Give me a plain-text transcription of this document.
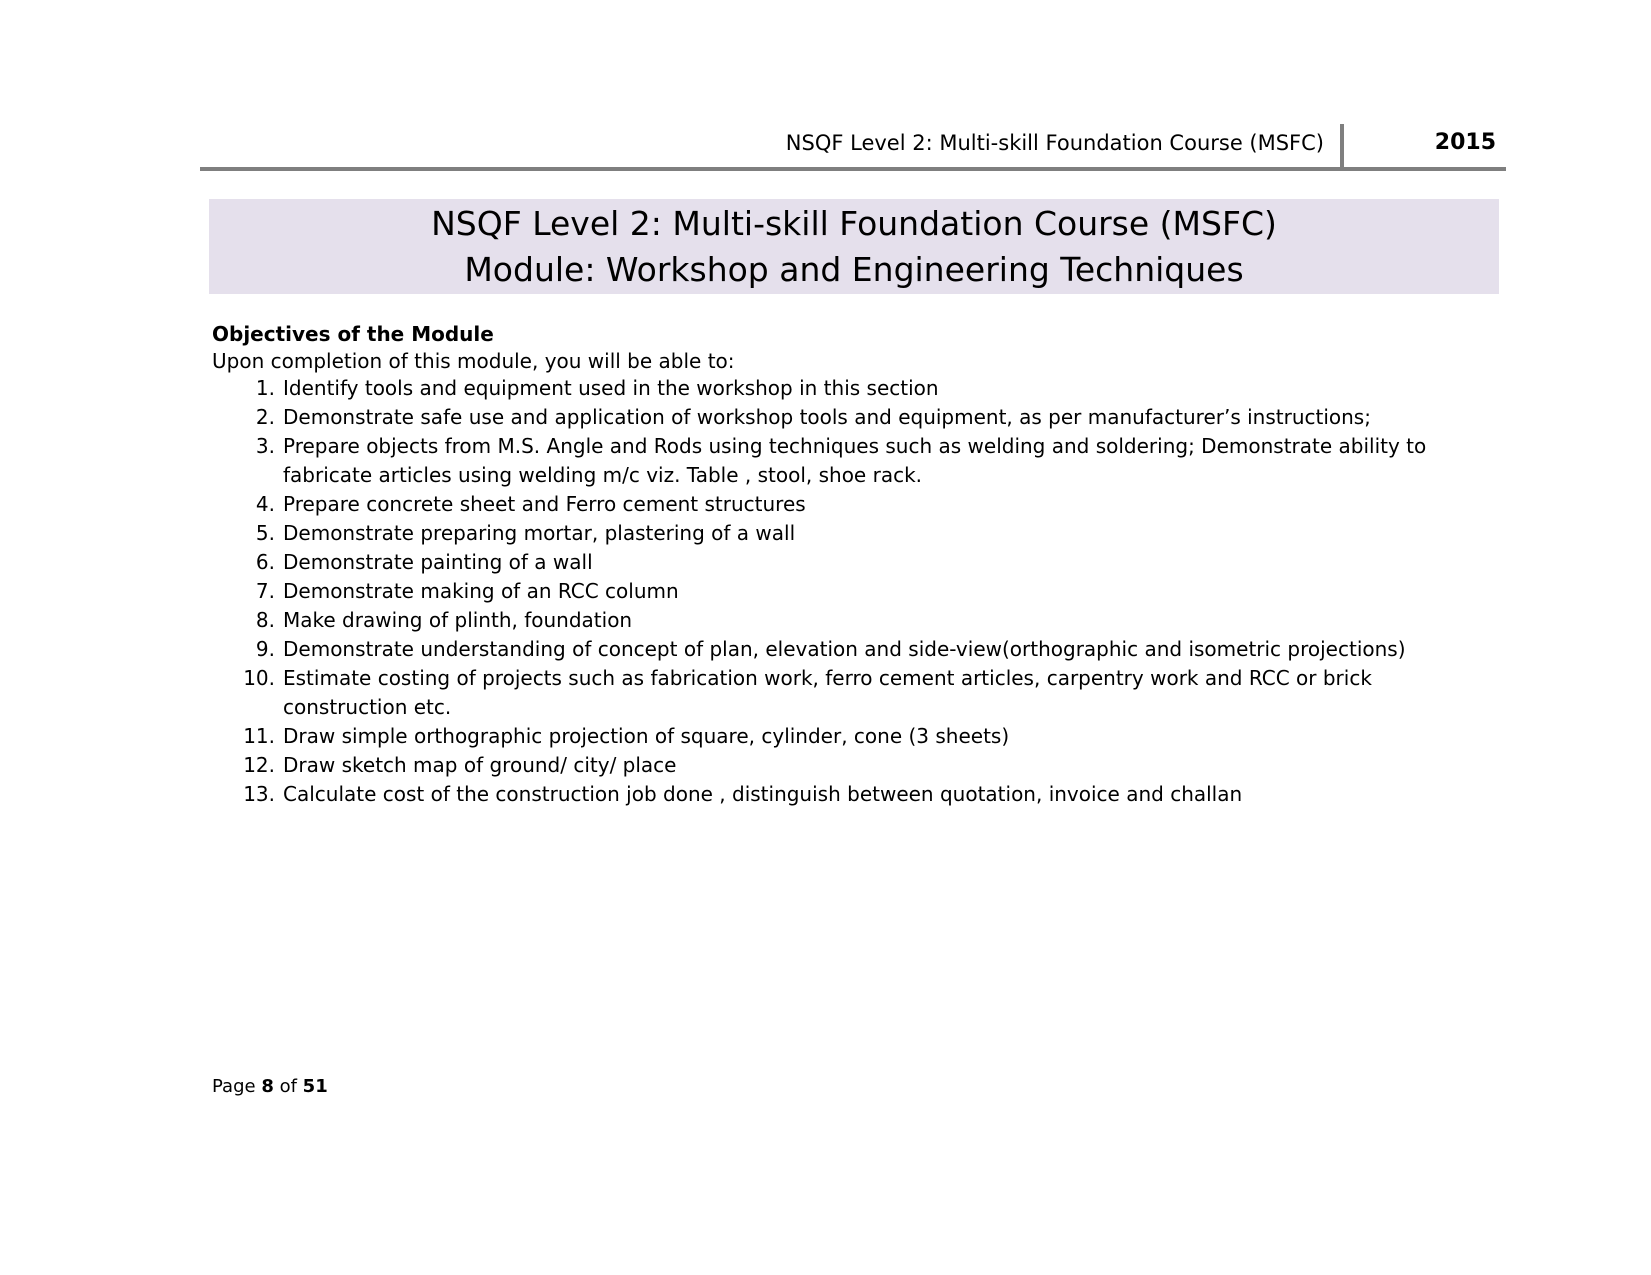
NSQF Level 2: Multi-skill Foundation Course (MSFC)	2015
NSQF Level 2: Multi-skill Foundation Course (MSFC)
Module: Workshop and Engineering Techniques

Objectives of the Module

Upon completion of this module, you will be able to:

1. Identify tools and equipment used in the workshop in this section
2. Demonstrate safe use and application of workshop tools and equipment, as per manufacturer’s instructions;
3. Prepare objects from M.S. Angle and Rods using techniques such as welding and soldering; Demonstrate ability to fabricate articles using welding m/c viz. Table , stool, shoe rack.
4. Prepare concrete sheet and Ferro cement structures
5. Demonstrate preparing mortar, plastering of a wall
6. Demonstrate painting of a wall
7. Demonstrate making of an RCC column
8. Make drawing of plinth, foundation
9. Demonstrate understanding of concept of plan, elevation and side-view(orthographic and isometric projections)
10. Estimate costing of projects such as fabrication work, ferro cement articles, carpentry work and RCC or brick construction etc.
11. Draw simple orthographic projection of square, cylinder, cone (3 sheets)
12. Draw sketch map of ground/ city/ place
13. Calculate cost of the construction job done , distinguish between quotation, invoice and challan
Page 8 of 51
